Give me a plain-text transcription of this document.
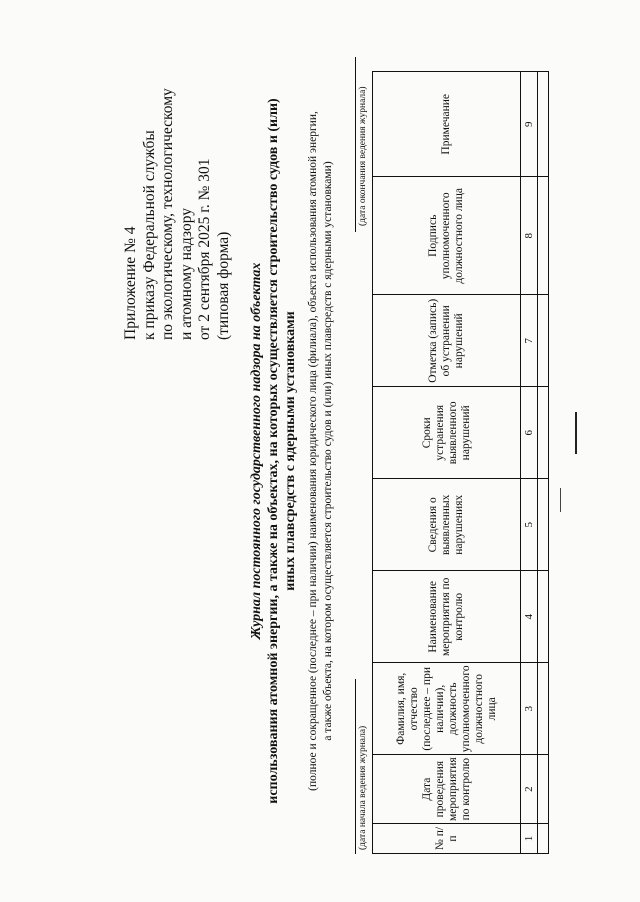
Приложение № 4 к приказу Федеральной службы по экологическому, технологическому и атомному надзору от 2 сентября 2025 г. № 301 (типовая форма) Журнал постоянного государственного надзора на объектах использования атомной энергии, а также на объектах, на которых осуществляется строительство судов и (или) иных плавсредств с ядерными установками (полное и сокращенное (последнее – при наличии) наименования юридического лица (филиала), объекта использования атомной энергии, а также объекта, на котором осуществляется строительство судов и (или) иных плавсредств с ядерными установками)
(дата начала ведения журнала)
(дата окончания ведения журнала)
№ п/п	Дата проведения мероприятия по контролю	Фамилия, имя, отчество (последнее – при наличии), должность уполномоченного должностного лица	Наименование мероприятия по контролю	Сведения о выявленных нарушениях	Сроки устранения выявленного нарушений	Отметка (запись) об устранении нарушений	Подпись уполномоченного должностного лица	Примечание
1	2	3	4	5	6	7	8	9
